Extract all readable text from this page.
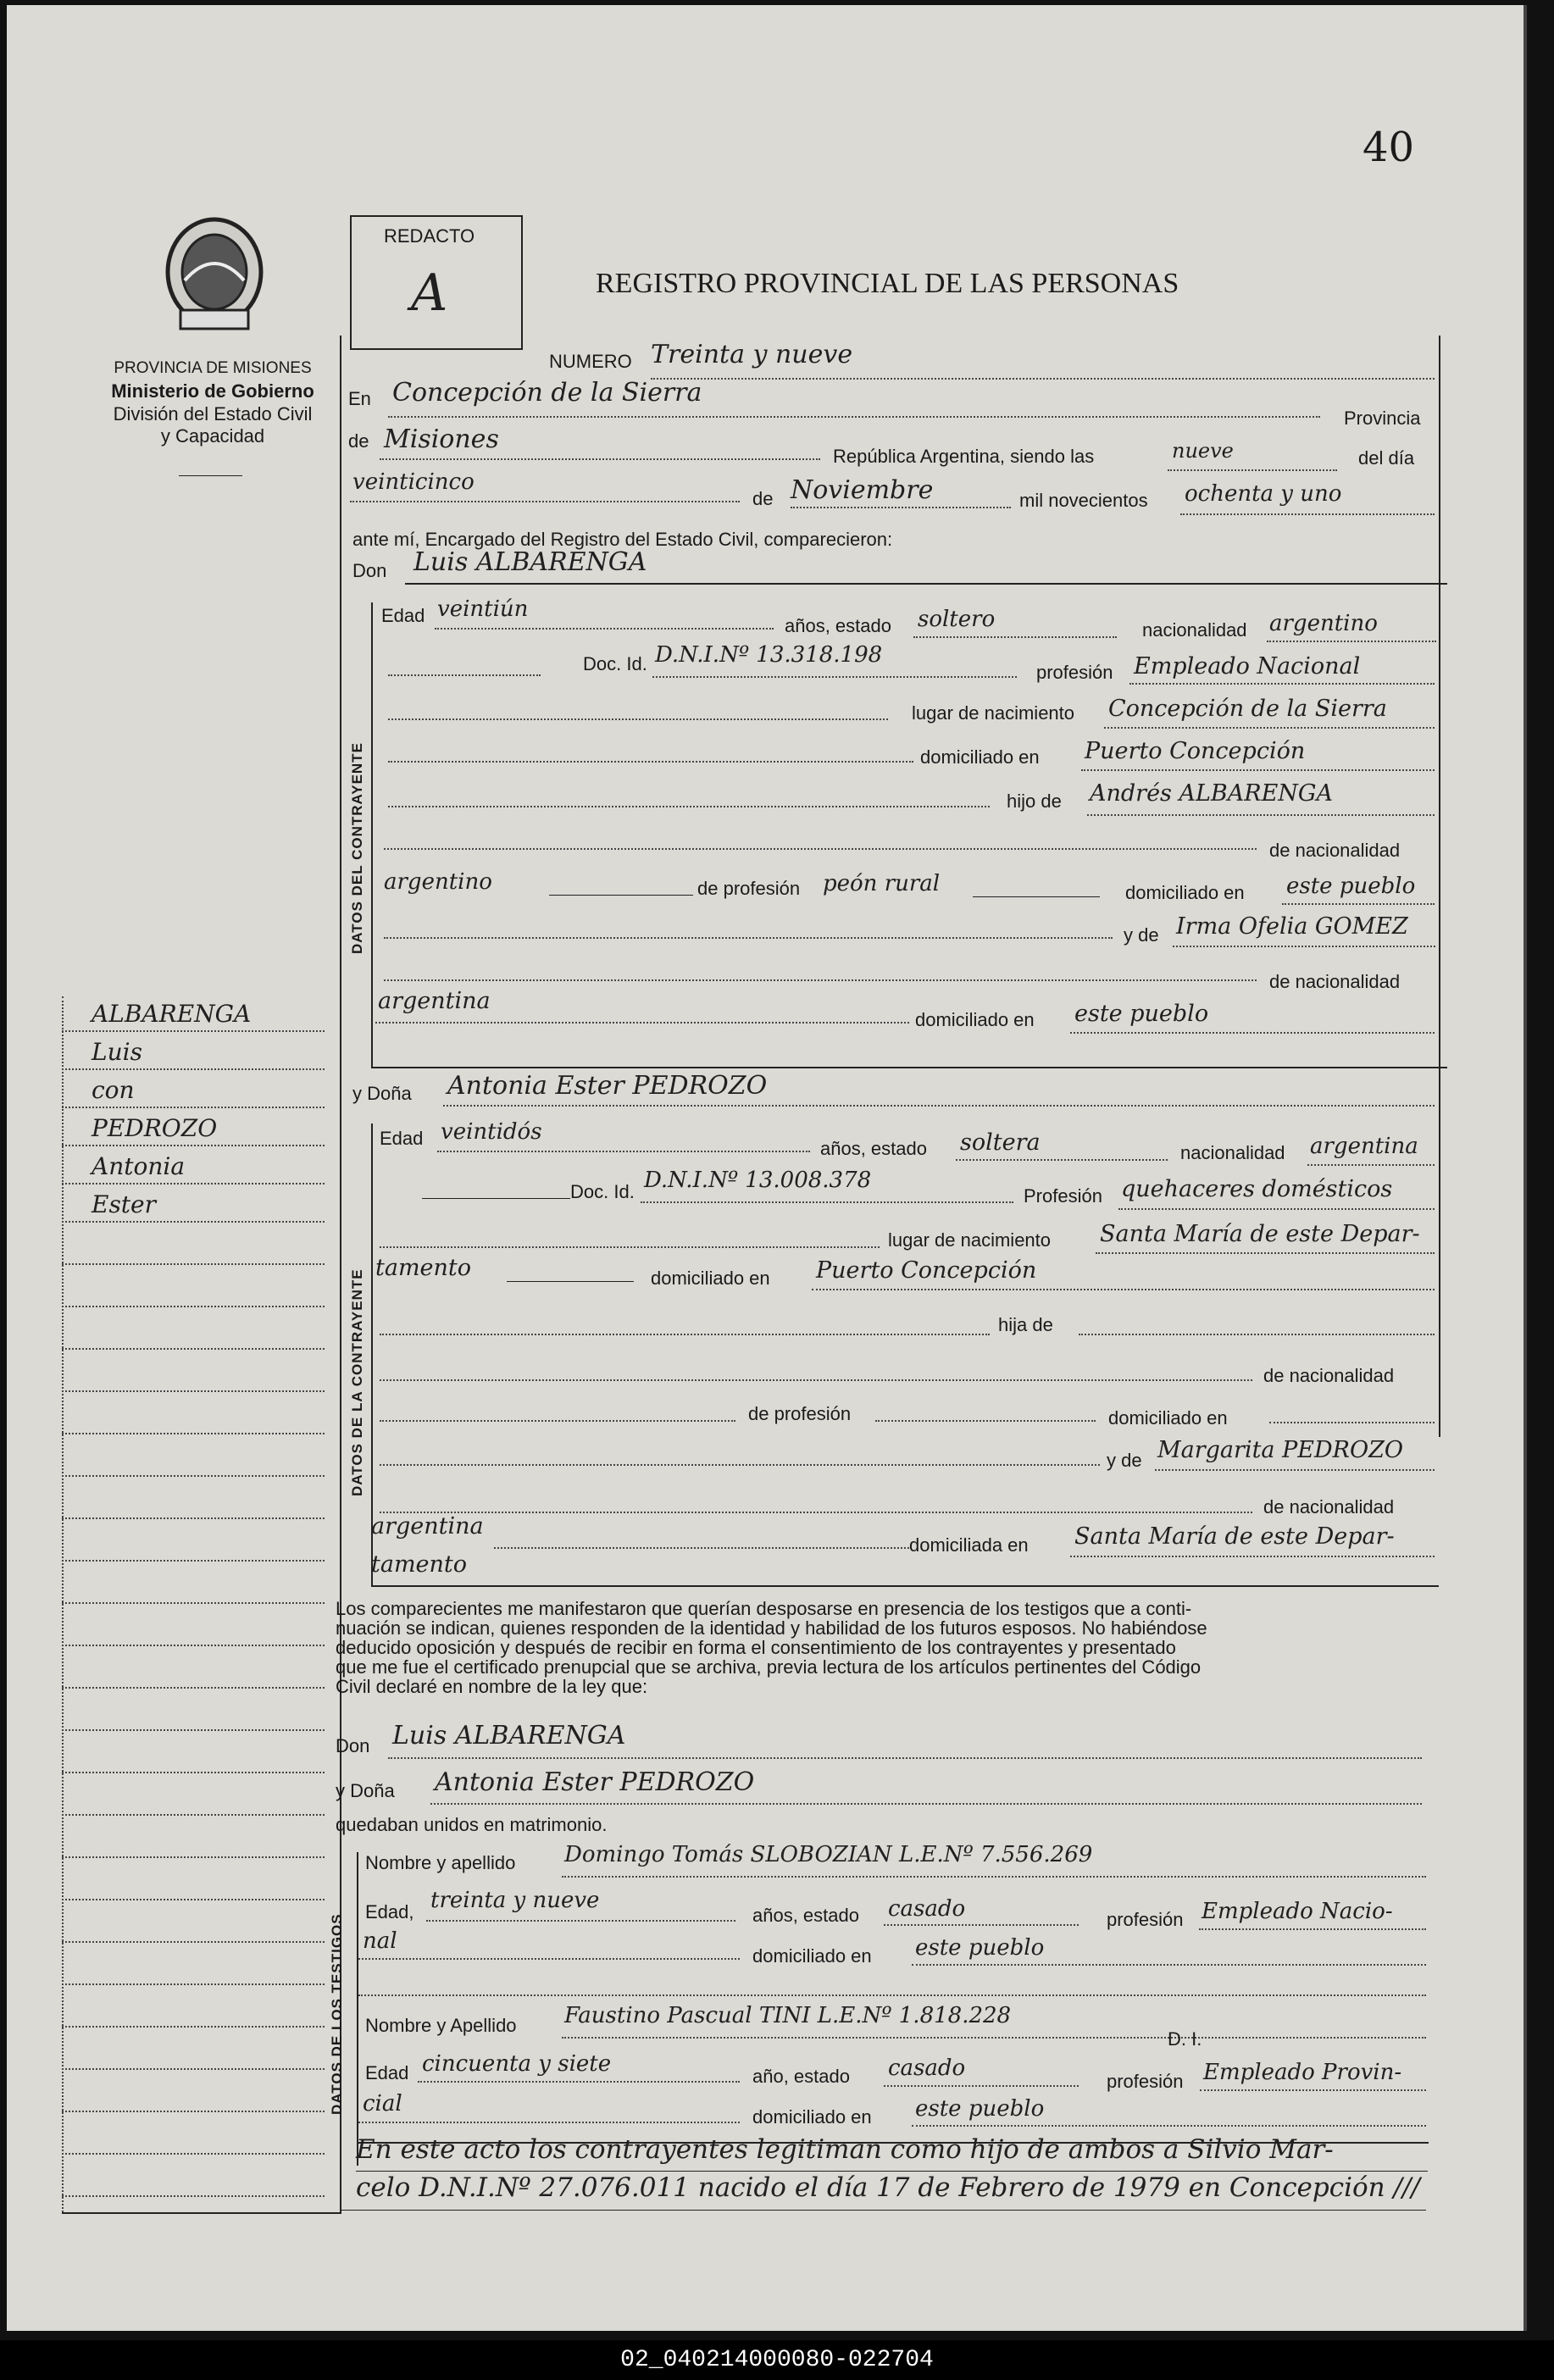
40
PROVINCIA DE MISIONES
Ministerio de Gobierno
División del Estado Civil
y Capacidad
REDACTO
A	REGISTRO PROVINCIAL DE LAS PERSONAS
NUMERO Treinta y nueve
En Concepción de la Sierra
Provincia
de Misiones
República Argentina, siendo las	nueve	del día
veinticinco
de Noviembre	mil novecientos ochenta y uno
ante mí, Encargado del Registro del Estado Civil, comparecieron:
Don Luis ALBARENGA
DATOS DEL CONTRAYENTE
Edad veintiún
años, estado soltero	nacionalidad argentino
Doc. Id. D.N.I.Nº 13.318.198
profesión Empleado Nacional
lugar de nacimiento Concepción de la Sierra
domiciliado en Puerto Concepción
hijo de Andrés ALBARENGA
de nacionalidad
argentino	de profesión peón rural	domiciliado en este pueblo
y de Irma Ofelia GOMEZ
de nacionalidad
argentina
domiciliado en este pueblo
y Doña Antonia Ester PEDROZO
DATOS DE LA CONTRAYENTE
Edad veintidós
años, estado soltera	nacionalidad argentina
Doc. Id. D.N.I.Nº 13.008.378
Profesión quehaceres domésticos
lugar de nacimiento Santa María de este Depar-
tamento	domiciliado en Puerto Concepción
hija de
de nacionalidad
de profesión	domiciliado en
y de Margarita PEDROZO
de nacionalidad
argentina
domiciliada en Santa María de este Depar-
tamento
ALBARENGA
Luis
con
PEDROZO
Antonia
Ester
Los comparecientes me manifestaron que querían desposarse en presencia de los testigos que a conti-
nuación se indican, quienes responden de la identidad y habilidad de los futuros esposos. No habiéndose
deducido oposición y después de recibir en forma el consentimiento de los contrayentes y presentado
que me fue el certificado prenupcial que se archiva, previa lectura de los artículos pertinentes del Código
Civil declaré en nombre de la ley que:
Don Luis ALBARENGA
y Doña Antonia Ester PEDROZO
quedaban unidos en matrimonio.
DATOS DE LOS TESTIGOS
Nombre y apellido Domingo Tomás SLOBOZIAN L.E.Nº 7.556.269
Edad, treinta y nueve
años, estado casado	profesión Empleado Nacio-
nal
domiciliado en este pueblo
Nombre y Apellido Faustino Pascual TINI L.E.Nº 1.818.228
D. I.
Edad cincuenta y siete	año, estado casado
profesión Empleado Provin-
cial
domiciliado en este pueblo
En este acto los contrayentes legitiman como hijo de ambos a Silvio Mar-
celo D.N.I.Nº 27.076.011 nacido el día 17 de Febrero de 1979 en Concepción ///
02_040214000080-022704
